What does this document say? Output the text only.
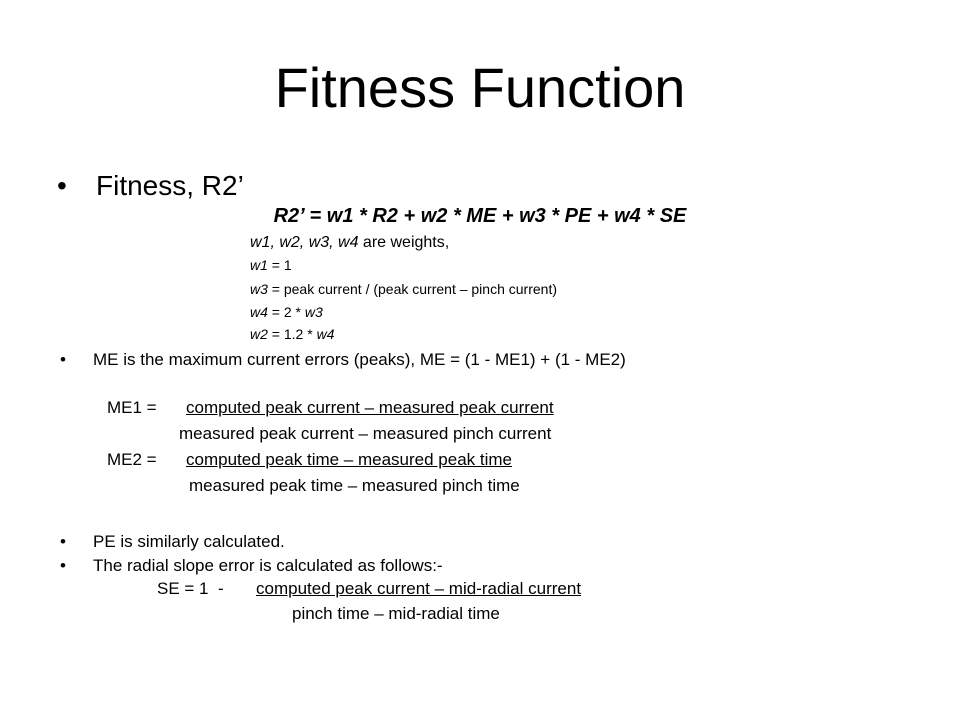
Fitness Function
• Fitness, R2’
R2’ = w1 * R2 + w2 * ME + w3 * PE + w4 * SE
w1, w2, w3, w4 are weights,
w1 = 1
w3 = peak current / (peak current – pinch current)
w4 = 2 * w3
w2 = 1.2 * w4
• ME is the maximum current errors (peaks), ME = (1 - ME1) + (1 - ME2)
ME1 = computed peak current – measured peak current
measured peak current – measured pinch current
ME2 = computed peak time – measured peak time
measured peak time – measured pinch time
• PE is similarly calculated.
• The radial slope error is calculated as follows:-
SE = 1  - computed peak current – mid-radial current
pinch time – mid-radial time
